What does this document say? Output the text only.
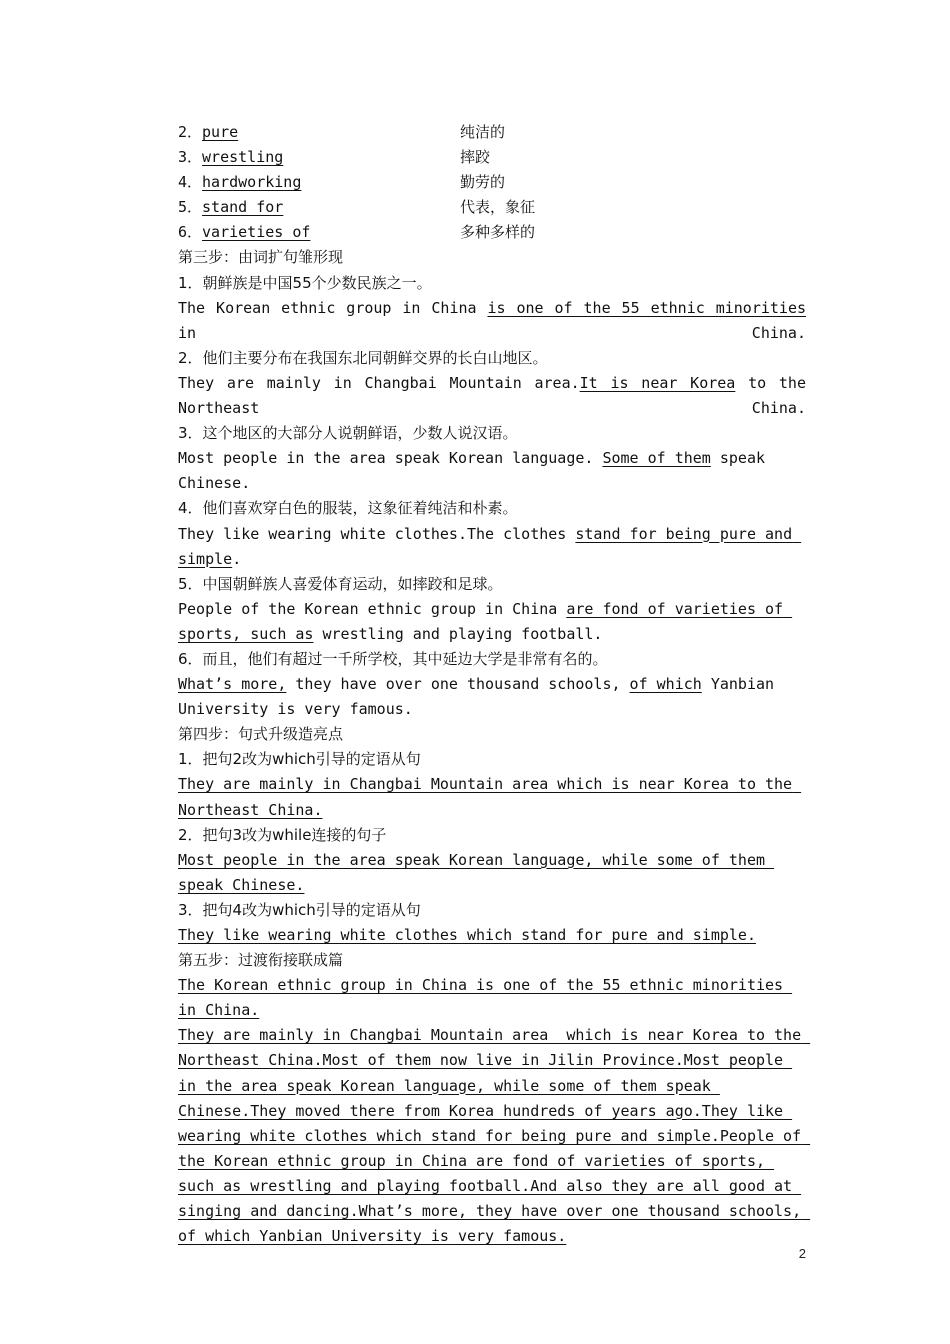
2．pure	纯洁的
3．wrestling	摔跤
4．hardworking	勤劳的
5．stand for	代表，象征
6．varieties of	多种多样的

第三步：由词扩句雏形现

1．朝鲜族是中国55个少数民族之一。

The Korean ethnic group in China is one of the 55 ethnic minorities in China.

2．他们主要分布在我国东北同朝鲜交界的长白山地区。

They are mainly in Changbai Mountain area.It is near Korea to the Northeast China.

3．这个地区的大部分人说朝鲜语，少数人说汉语。

Most people in the area speak Korean language. Some of them speak Chinese.

4．他们喜欢穿白色的服装，这象征着纯洁和朴素。

They like wearing white clothes.The clothes stand for being pure and simple.

5．中国朝鲜族人喜爱体育运动，如摔跤和足球。

People of the Korean ethnic group in China are fond of varieties of sports, such as wrestling and playing football.

6．而且，他们有超过一千所学校，其中延边大学是非常有名的。

What’s more, they have over one thousand schools, of which Yanbian University is very famous.

第四步：句式升级造亮点

1．把句2改为which引导的定语从句

They are mainly in Changbai Mountain area which is near Korea to the Northeast China.

2．把句3改为while连接的句子

Most people in the area speak Korean language, while some of them speak Chinese.

3．把句4改为which引导的定语从句

They like wearing white clothes which stand for pure and simple.

第五步：过渡衔接联成篇

The Korean ethnic group in China is one of the 55 ethnic minorities in China.

They are mainly in Changbai Mountain area  which is near Korea to the Northeast China.Most of them now live in Jilin Province.Most people in the area speak Korean language, while some of them speak Chinese.They moved there from Korea hundreds of years ago.They like wearing white clothes which stand for being pure and simple.People of the Korean ethnic group in China are fond of varieties of sports, such as wrestling and playing football.And also they are all good at singing and dancing.What’s more, they have over one thousand schools, of which Yanbian University is very famous.

2
